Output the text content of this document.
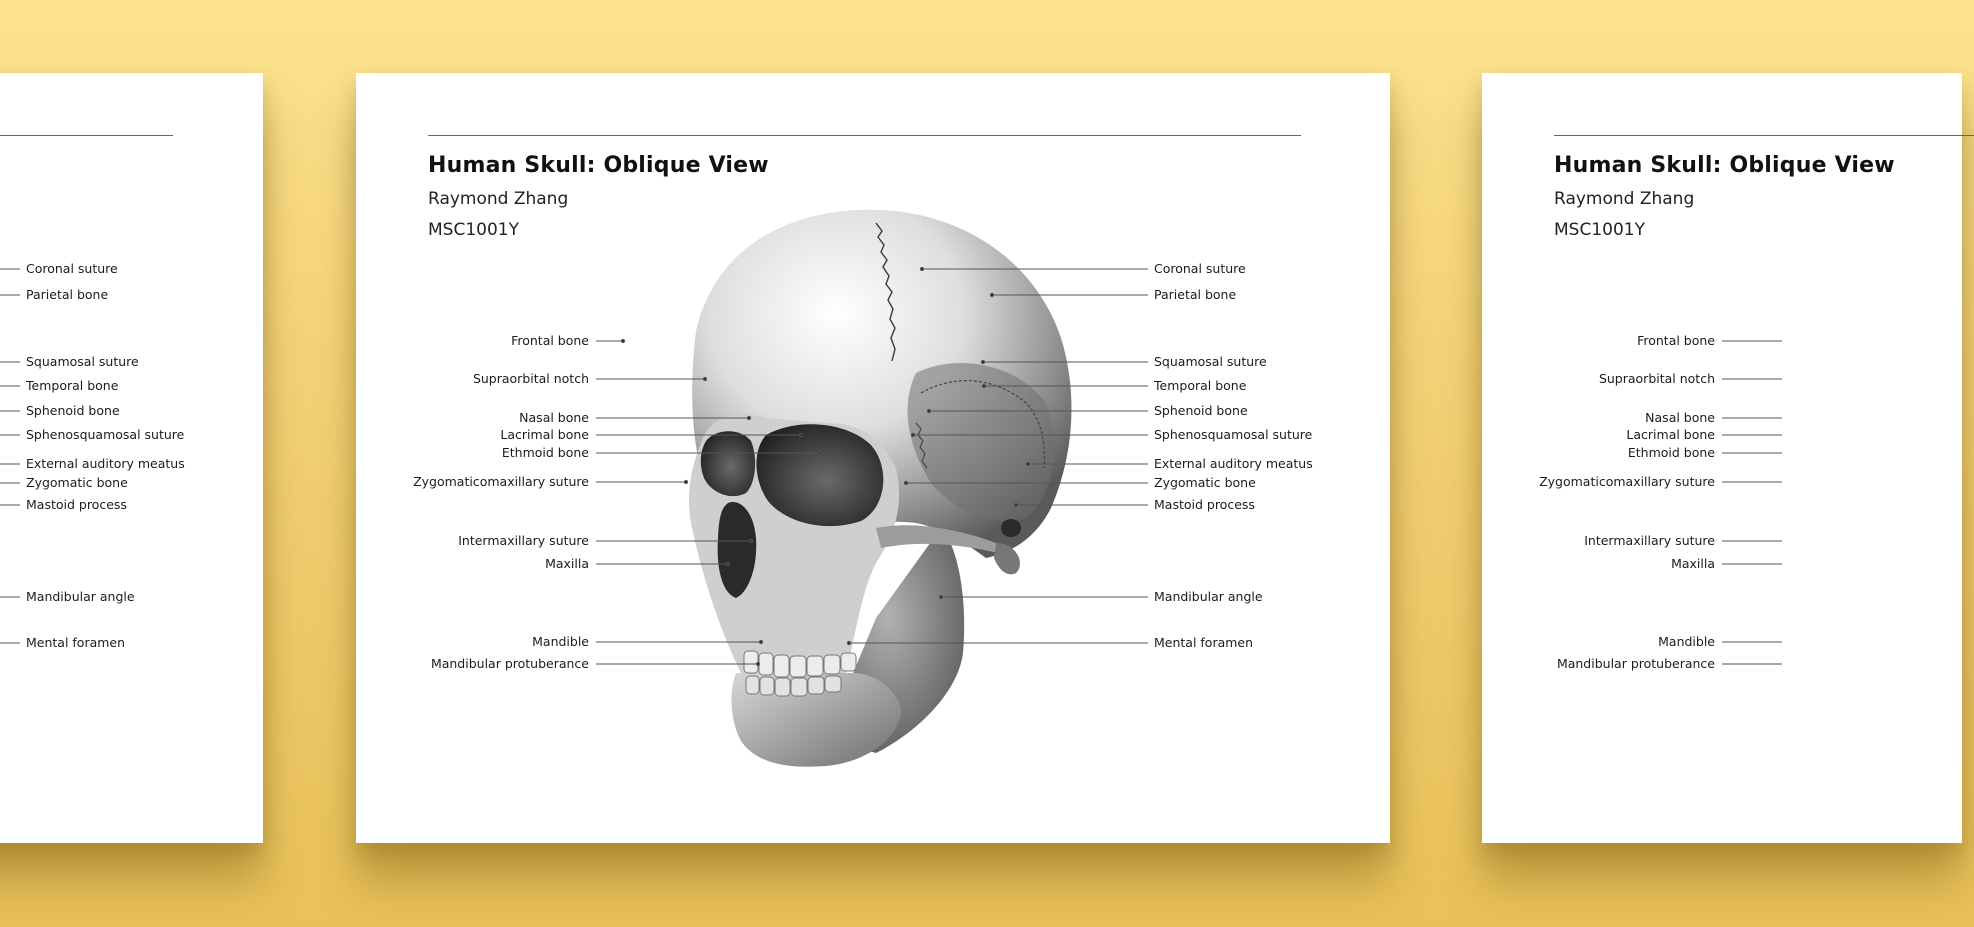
Coronal suture
Parietal bone
Squamosal suture
Temporal bone
Sphenoid bone
Sphenosquamosal suture
External auditory meatus
Zygomatic bone
Mastoid process
Mandibular angle
Mental foramen
Human Skull: Oblique View
Raymond Zhang
MSC1001Y
Frontal bone
Supraorbital notch
Nasal bone
Lacrimal bone
Ethmoid bone
Zygomaticomaxillary suture
Intermaxillary suture
Maxilla
Mandible
Mandibular protuberance
Coronal suture
Parietal bone
Squamosal suture
Temporal bone
Sphenoid bone
Sphenosquamosal suture
External auditory meatus
Zygomatic bone
Mastoid process
Mandibular angle
Mental foramen
Human Skull: Oblique View
Raymond Zhang
MSC1001Y
Frontal bone
Supraorbital notch
Nasal bone
Lacrimal bone
Ethmoid bone
Zygomaticomaxillary suture
Intermaxillary suture
Maxilla
Mandible
Mandibular protuberance
